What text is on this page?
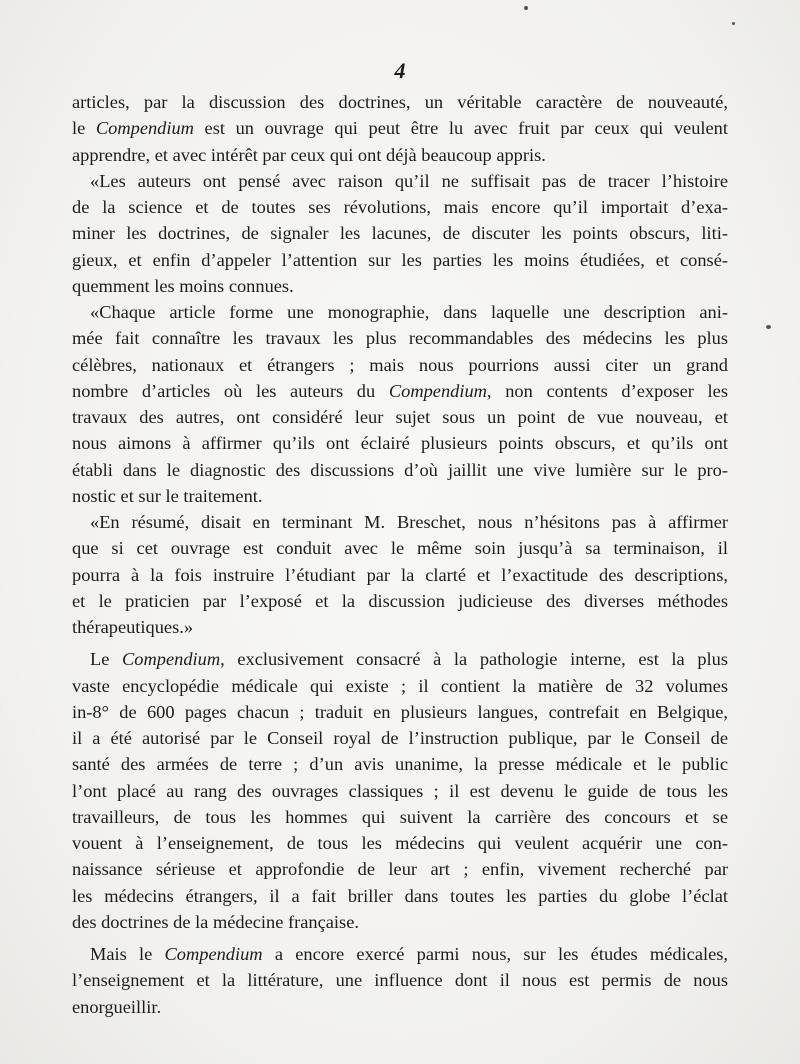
4
articles, par la discussion des doctrines, un véritable caractère de nouveauté,
le Compendium est un ouvrage qui peut être lu avec fruit par ceux qui veulent
apprendre, et avec intérêt par ceux qui ont déjà beaucoup appris.
«Les auteurs ont pensé avec raison qu’il ne suffisait pas de tracer l’histoire
de la science et de toutes ses révolutions, mais encore qu’il importait d’exa-
miner les doctrines, de signaler les lacunes, de discuter les points obscurs, liti-
gieux, et enfin d’appeler l’attention sur les parties les moins étudiées, et consé-
quemment les moins connues.
«Chaque article forme une monographie, dans laquelle une description ani-
mée fait connaître les travaux les plus recommandables des médecins les plus
célèbres, nationaux et étrangers ; mais nous pourrions aussi citer un grand
nombre d’articles où les auteurs du Compendium, non contents d’exposer les
travaux des autres, ont considéré leur sujet sous un point de vue nouveau, et
nous aimons à affirmer qu’ils ont éclairé plusieurs points obscurs, et qu’ils ont
établi dans le diagnostic des discussions d’où jaillit une vive lumière sur le pro-
nostic et sur le traitement.
«En résumé, disait en terminant M. Breschet, nous n’hésitons pas à affirmer
que si cet ouvrage est conduit avec le même soin jusqu’à sa terminaison, il
pourra à la fois instruire l’étudiant par la clarté et l’exactitude des descriptions,
et le praticien par l’exposé et la discussion judicieuse des diverses méthodes
thérapeutiques.»
Le Compendium, exclusivement consacré à la pathologie interne, est la plus
vaste encyclopédie médicale qui existe ; il contient la matière de 32 volumes
in-8° de 600 pages chacun ; traduit en plusieurs langues, contrefait en Belgique,
il a été autorisé par le Conseil royal de l’instruction publique, par le Conseil de
santé des armées de terre ; d’un avis unanime, la presse médicale et le public
l’ont placé au rang des ouvrages classiques ; il est devenu le guide de tous les
travailleurs, de tous les hommes qui suivent la carrière des concours et se
vouent à l’enseignement, de tous les médecins qui veulent acquérir une con-
naissance sérieuse et approfondie de leur art ; enfin, vivement recherché par
les médecins étrangers, il a fait briller dans toutes les parties du globe l’éclat
des doctrines de la médecine française.
Mais le Compendium a encore exercé parmi nous, sur les études médicales,
l’enseignement et la littérature, une influence dont il nous est permis de nous
enorgueillir.
